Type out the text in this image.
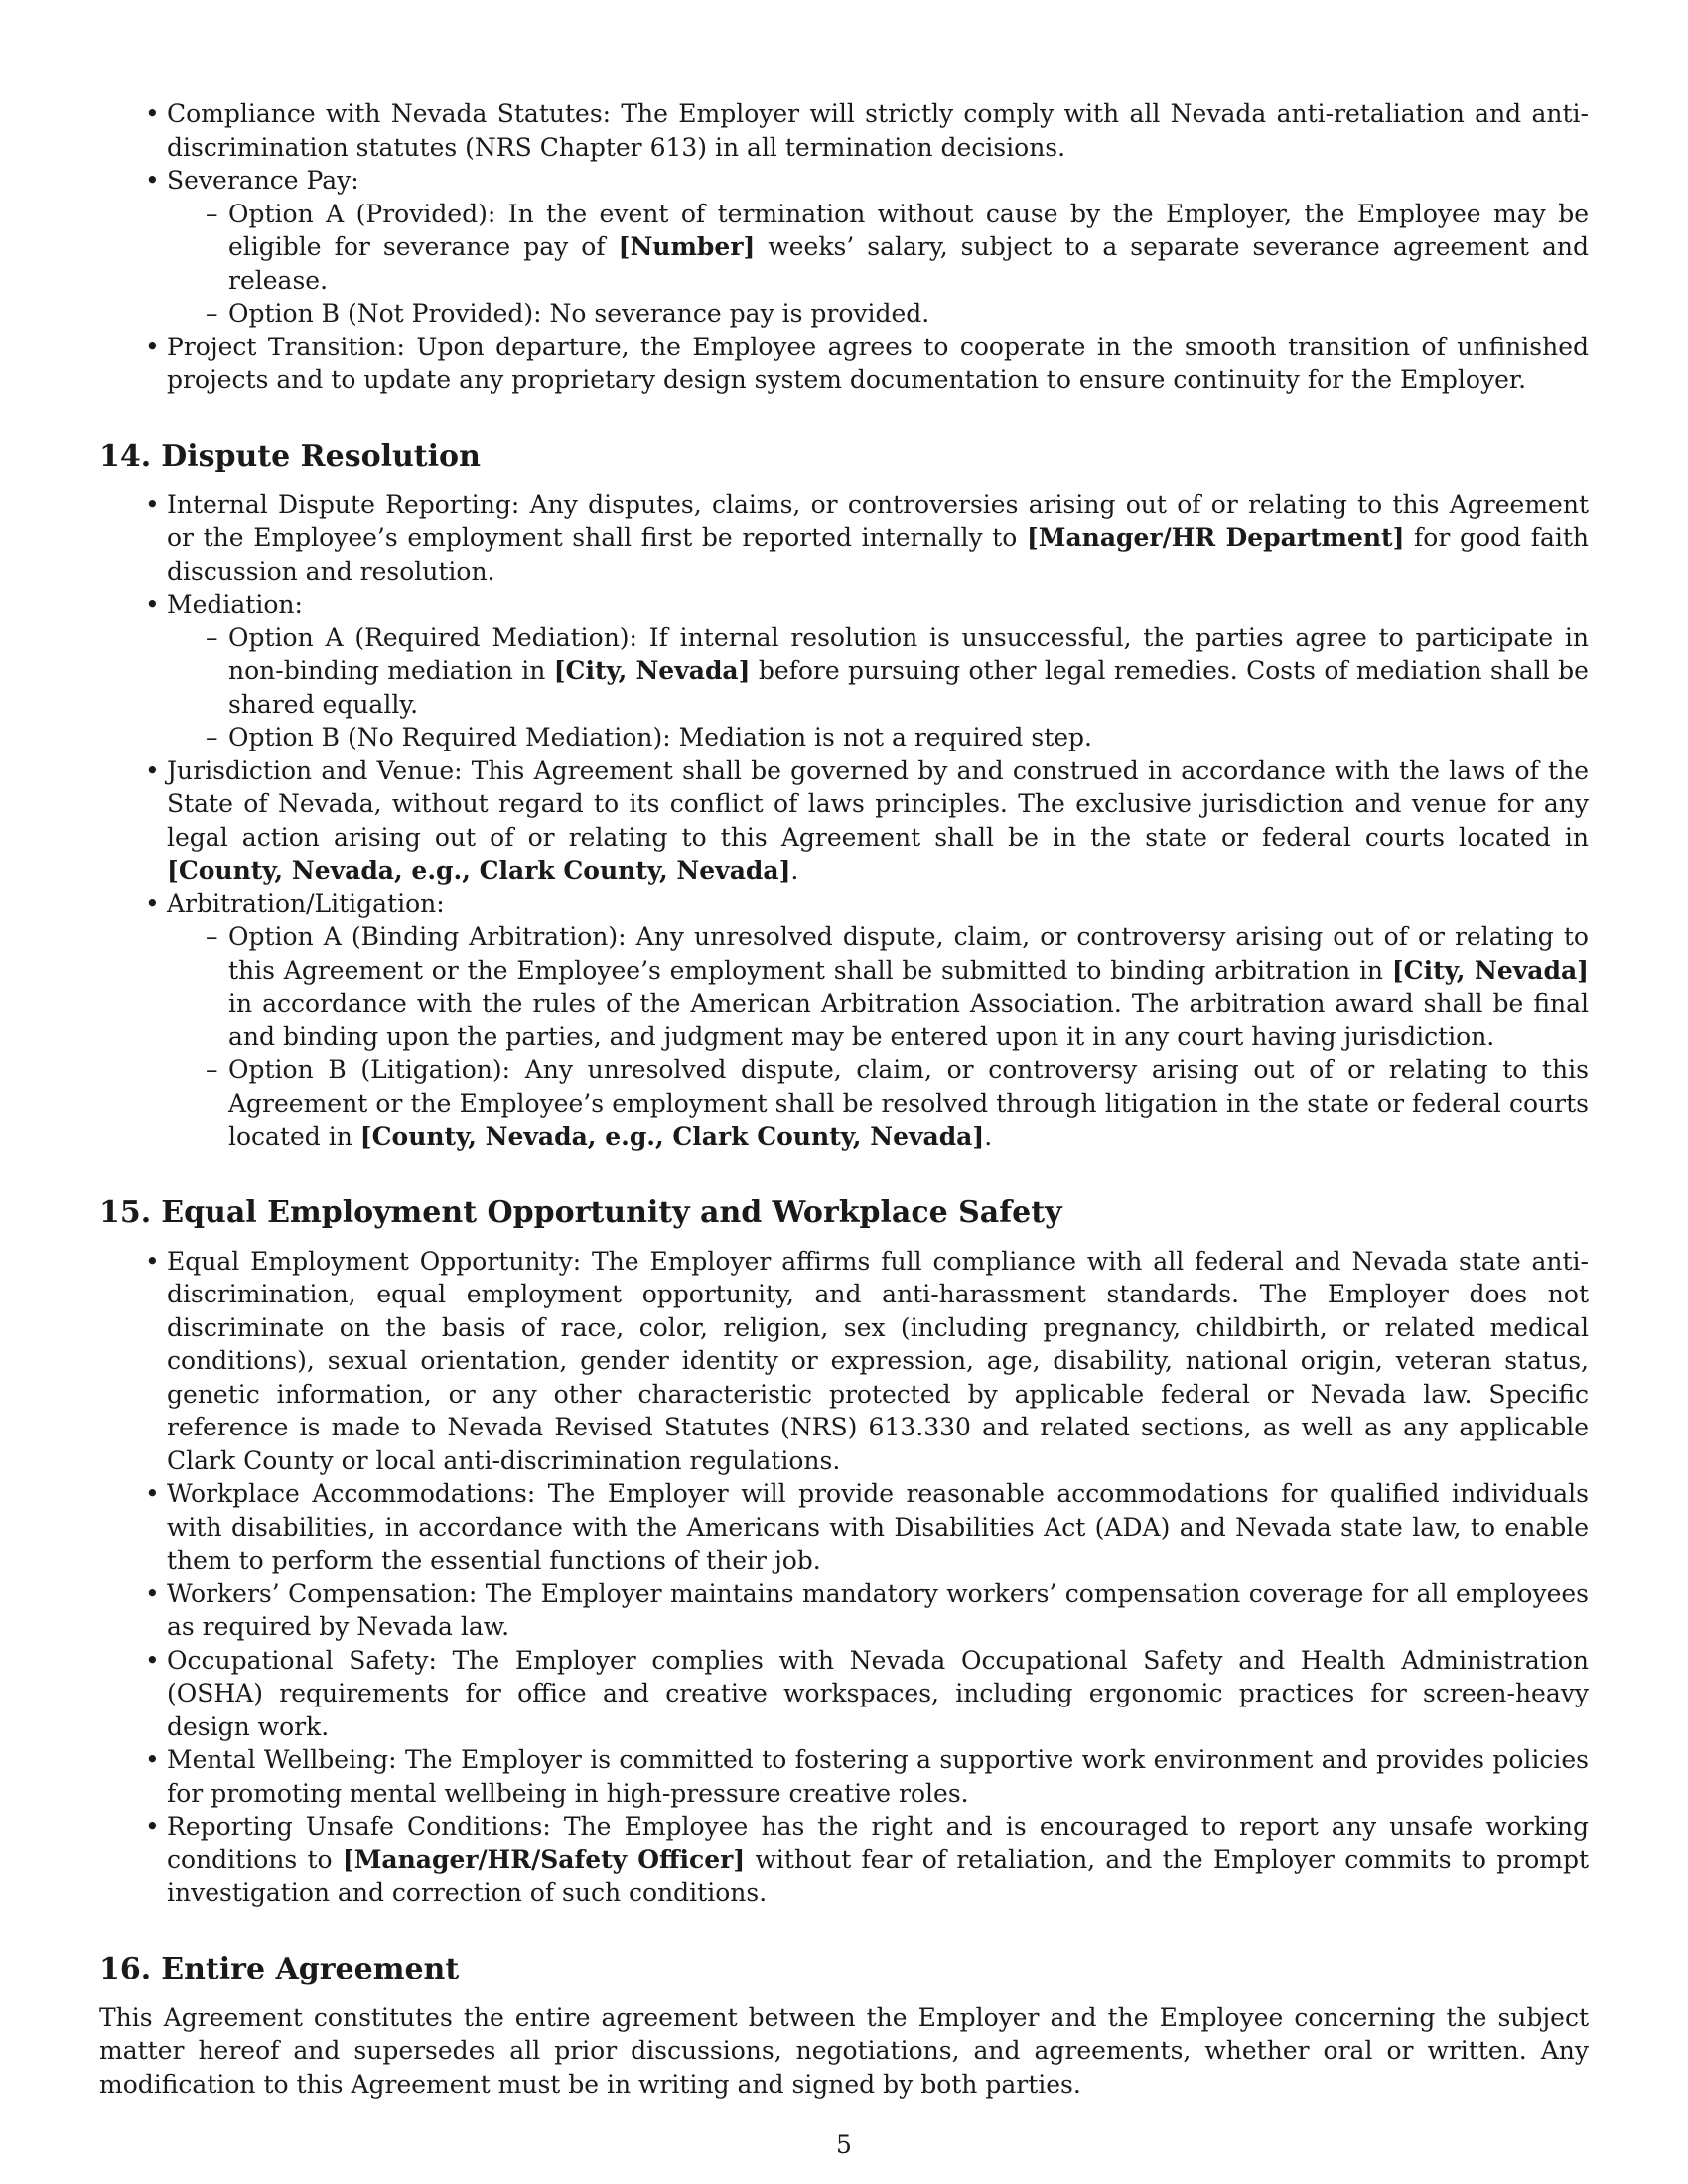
• Compliance with Nevada Statutes: The Employer will strictly comply with all Nevada anti-retaliation and anti-discrimination statutes (NRS Chapter 613) in all termination decisions.
• Severance Pay:
– Option A (Provided): In the event of termination without cause by the Employer, the Employee may be eligible for severance pay of [Number] weeks’ salary, subject to a separate severance agreement and release.
– Option B (Not Provided): No severance pay is provided.
• Project Transition: Upon departure, the Employee agrees to cooperate in the smooth transition of unfinished projects and to update any proprietary design system documentation to ensure continuity for the Employer.
14. Dispute Resolution
• Internal Dispute Reporting: Any disputes, claims, or controversies arising out of or relating to this Agreement or the Employee’s employment shall first be reported internally to [Manager/HR Department] for good faith discussion and resolution.
• Mediation:
– Option A (Required Mediation): If internal resolution is unsuccessful, the parties agree to participate in non-binding mediation in [City, Nevada] before pursuing other legal remedies. Costs of mediation shall be shared equally.
– Option B (No Required Mediation): Mediation is not a required step.
• Jurisdiction and Venue: This Agreement shall be governed by and construed in accordance with the laws of the State of Nevada, without regard to its conflict of laws principles. The exclusive jurisdiction and venue for any legal action arising out of or relating to this Agreement shall be in the state or federal courts located in [County, Nevada, e.g., Clark County, Nevada].
• Arbitration/Litigation:
– Option A (Binding Arbitration): Any unresolved dispute, claim, or controversy arising out of or relating to this Agreement or the Employee’s employment shall be submitted to binding arbitration in [City, Nevada] in accordance with the rules of the American Arbitration Association. The arbitration award shall be final and binding upon the parties, and judgment may be entered upon it in any court having jurisdiction.
– Option B (Litigation): Any unresolved dispute, claim, or controversy arising out of or relating to this Agreement or the Employee’s employment shall be resolved through litigation in the state or federal courts located in [County, Nevada, e.g., Clark County, Nevada].
15. Equal Employment Opportunity and Workplace Safety
• Equal Employment Opportunity: The Employer affirms full compliance with all federal and Nevada state anti-discrimination, equal employment opportunity, and anti-harassment standards. The Employer does not discriminate on the basis of race, color, religion, sex (including pregnancy, childbirth, or related medical conditions), sexual orientation, gender identity or expression, age, disability, national origin, veteran status, genetic information, or any other characteristic protected by applicable federal or Nevada law. Specific reference is made to Nevada Revised Statutes (NRS) 613.330 and related sections, as well as any applicable Clark County or local anti-discrimination regulations.
• Workplace Accommodations: The Employer will provide reasonable accommodations for qualified individuals with disabilities, in accordance with the Americans with Disabilities Act (ADA) and Nevada state law, to enable them to perform the essential functions of their job.
• Workers’ Compensation: The Employer maintains mandatory workers’ compensation coverage for all employees as required by Nevada law.
• Occupational Safety: The Employer complies with Nevada Occupational Safety and Health Administration (OSHA) requirements for office and creative workspaces, including ergonomic practices for screen-heavy design work.
• Mental Wellbeing: The Employer is committed to fostering a supportive work environment and provides policies for promoting mental wellbeing in high-pressure creative roles.
• Reporting Unsafe Conditions: The Employee has the right and is encouraged to report any unsafe working conditions to [Manager/HR/Safety Officer] without fear of retaliation, and the Employer commits to prompt investigation and correction of such conditions.
16. Entire Agreement

This Agreement constitutes the entire agreement between the Employer and the Employee concerning the subject matter hereof and supersedes all prior discussions, negotiations, and agreements, whether oral or written. Any modification to this Agreement must be in writing and signed by both parties.

5
